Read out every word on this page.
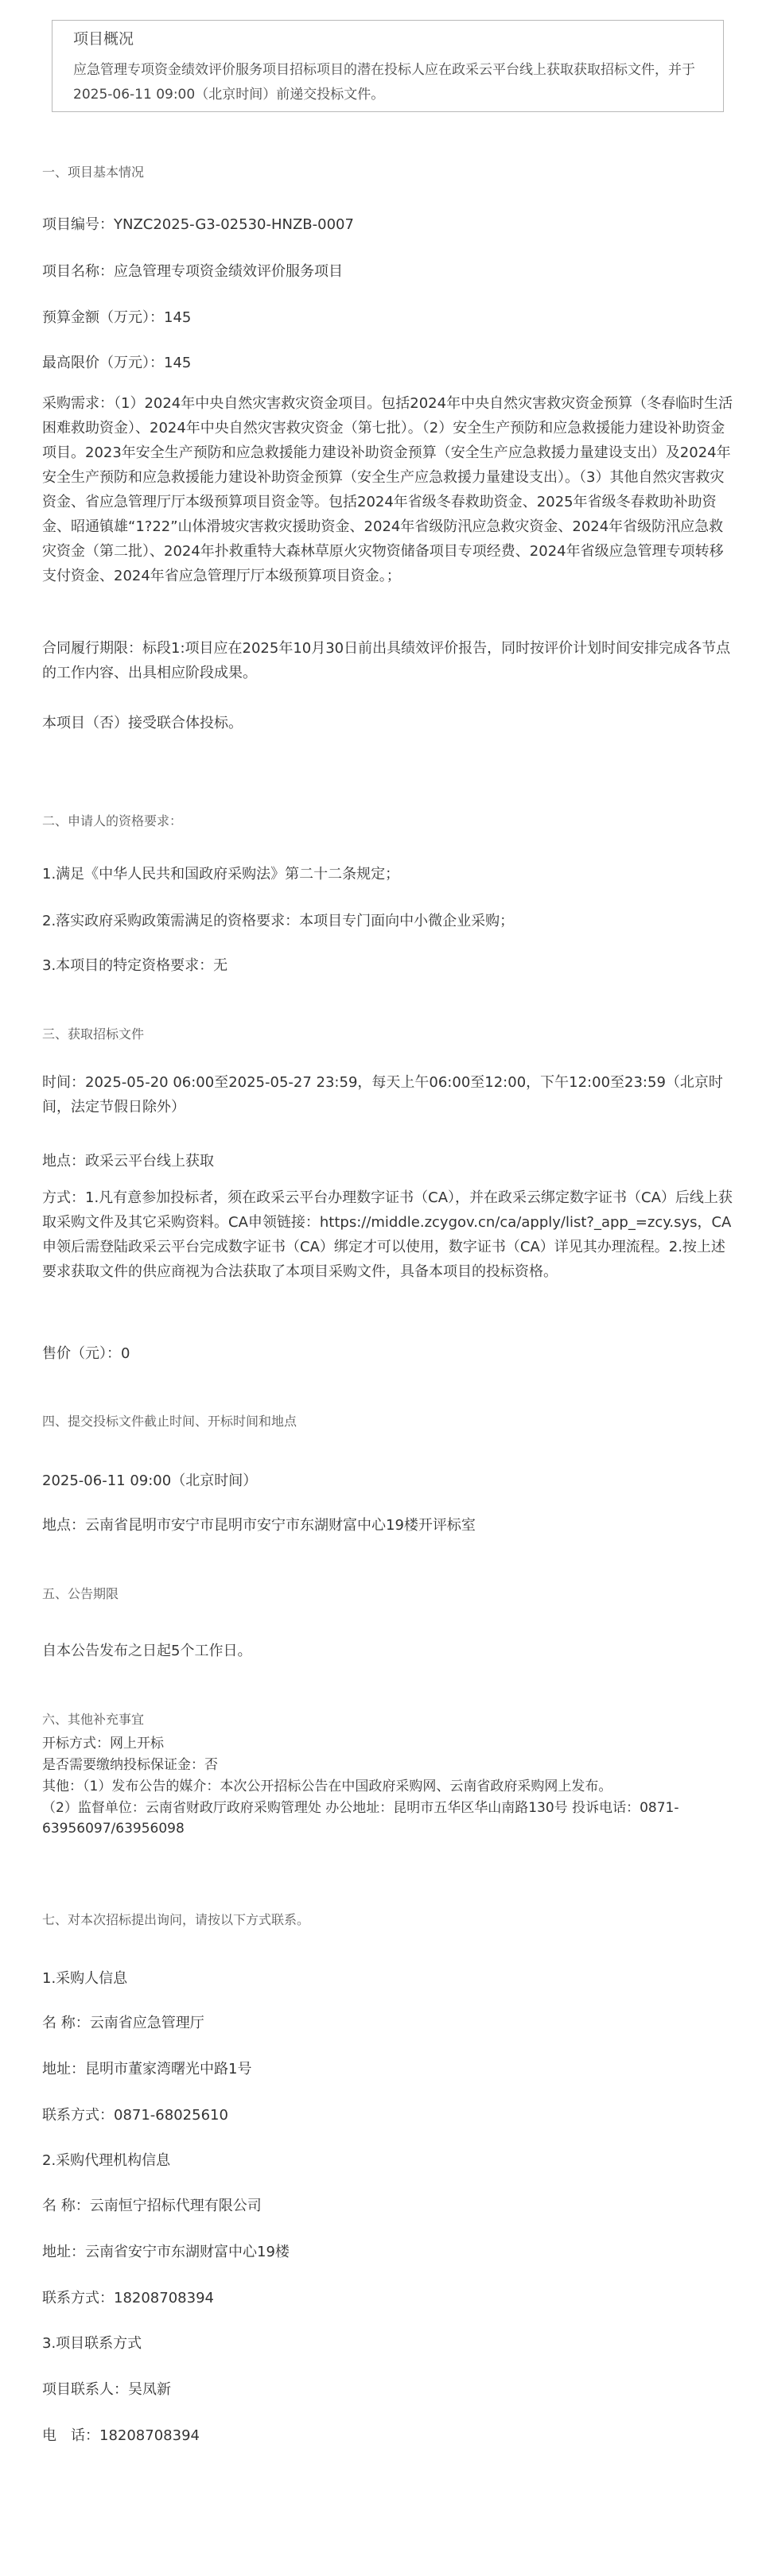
项目概况
应急管理专项资金绩效评价服务项目招标项目的潜在投标人应在政采云平台线上获取获取招标文件，并于2025-06-11 09:00（北京时间）前递交投标文件。
一、项目基本情况
项目编号：YNZC2025-G3-02530-HNZB-0007
项目名称：应急管理专项资金绩效评价服务项目
预算金额（万元）：145
最高限价（万元）：145
采购需求：（1）2024年中央自然灾害救灾资金项目。包括2024年中央自然灾害救灾资金预算（冬春临时生活困难救助资金）、2024年中央自然灾害救灾资金（第七批）。（2）安全生产预防和应急救援能力建设补助资金项目。2023年安全生产预防和应急救援能力建设补助资金预算（安全生产应急救援力量建设支出）及2024年安全生产预防和应急救援能力建设补助资金预算（安全生产应急救援力量建设支出）。（3）其他自然灾害救灾资金、省应急管理厅厅本级预算项目资金等。包括2024年省级冬春救助资金、2025年省级冬春救助补助资金、昭通镇雄“1?22”山体滑坡灾害救灾援助资金、2024年省级防汛应急救灾资金、2024年省级防汛应急救灾资金（第二批）、2024年扑救重特大森林草原火灾物资储备项目专项经费、2024年省级应急管理专项转移支付资金、2024年省应急管理厅厅本级预算项目资金。；
合同履行期限：标段1:项目应在2025年10月30日前出具绩效评价报告，同时按评价计划时间安排完成各节点的工作内容、出具相应阶段成果。
本项目（否）接受联合体投标。
二、申请人的资格要求：
1.满足《中华人民共和国政府采购法》第二十二条规定；
2.落实政府采购政策需满足的资格要求：本项目专门面向中小微企业采购；
3.本项目的特定资格要求：无
三、获取招标文件
时间：2025-05-20 06:00至2025-05-27 23:59，每天上午06:00至12:00，下午12:00至23:59（北京时间，法定节假日除外）
地点：政采云平台线上获取
方式：1.凡有意参加投标者，须在政采云平台办理数字证书（CA），并在政采云绑定数字证书（CA）后线上获取采购文件及其它采购资料。CA申领链接：https://middle.zcygov.cn/ca/apply/list?_app_=zcy.sys，CA申领后需登陆政采云平台完成数字证书（CA）绑定才可以使用，数字证书（CA）详见其办理流程。2.按上述要求获取文件的供应商视为合法获取了本项目采购文件，具备本项目的投标资格。
售价（元）：0
四、提交投标文件截止时间、开标时间和地点
2025-06-11 09:00（北京时间）
地点：云南省昆明市安宁市昆明市安宁市东湖财富中心19楼开评标室
五、公告期限
自本公告发布之日起5个工作日。
六、其他补充事宜
开标方式：网上开标
是否需要缴纳投标保证金：否
其他：（1）发布公告的媒介：本次公开招标公告在中国政府采购网、云南省政府采购网上发布。
（2）监督单位：云南省财政厅政府采购管理处 办公地址：昆明市五华区华山南路130号 投诉电话：0871-63956097/63956098
七、对本次招标提出询问，请按以下方式联系。
1.采购人信息
名 称：云南省应急管理厅
地址：昆明市董家湾曙光中路1号
联系方式：0871-68025610
2.采购代理机构信息
名 称：云南恒宁招标代理有限公司
地址：云南省安宁市东湖财富中心19楼
联系方式：18208708394
3.项目联系方式
项目联系人：吴凤新
电　话：18208708394
